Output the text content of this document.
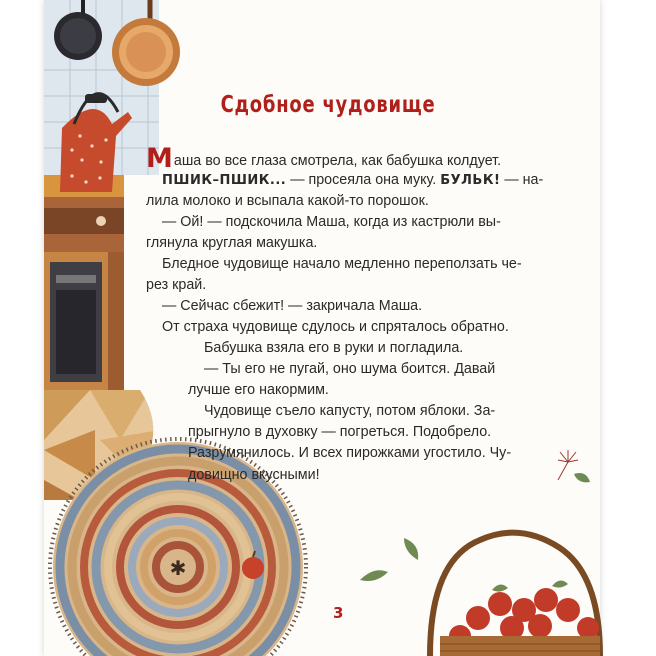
✱
Сдобное чудовище

Маша во все глаза смотрела, как бабушка колдует.

ПШИК–ПШИК... — просеяла она муку. БУЛЬК! — на-
лила молоко и всыпала какой-то порошок.

— Ой! — подскочила Маша, когда из кастрюли вы-
глянула круглая макушка.

Бледное чудовище начало медленно переползать че-
рез край.

— Сейчас сбежит! — закричала Маша.

От страха чудовище сдулось и спряталось обратно.

Бабушка взяла его в руки и погладила.

— Ты его не пугай, оно шума боится. Давай
лучше его накормим.

Чудовище съело капусту, потом яблоки. За-
прыгнуло в духовку — погреться. Подобрело.
Разрумянилось. И всех пирожками угостило. Чу-
довищно вкусными!

3
